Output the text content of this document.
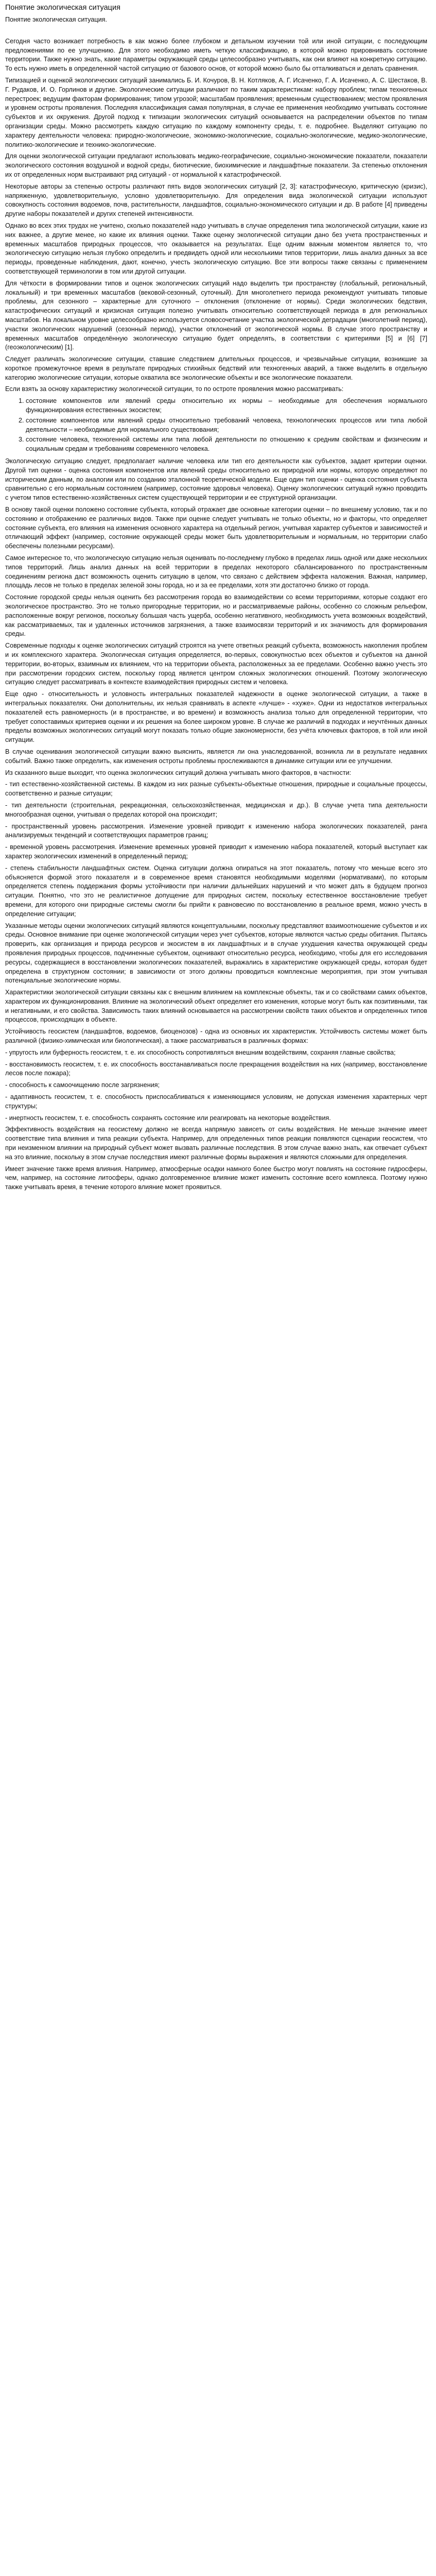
Понятие экологическая ситуация
Понятие экологическая ситуация.

Сегодня часто возникает потребность в как можно более глубоком и детальном изучении той или иной ситуации, с последующим предложениями по ее улучшению. Для этого необходимо иметь четкую классификацию, в которой можно прировнивать состояние территории. Также нужно знать, какие параметры окружающей среды целесообразно учитывать, как они влияют на конкретную ситуацию. То есть нужно иметь в определенной частой ситуацию от базового основ, от которой можно было бы отталкиваться и делать сравнения.

Типизацией и оценкой экологических ситуаций занимались Б. И. Кочуров, В. Н. Котляков, А. Г. Исаченко, Г. А. Исаченко, А. С. Шестаков, В. Г. Рудаков, И. О. Горлинов и другие. Экологические ситуации различают по таким характеристикам: набору проблем; типам техногенных перестроек; ведущим факторам формирования; типом угрозой; масштабам проявления; временным существованием; местом проявления и уровнем остроты проявления. Последняя классификация самая популярная, в случае ее применения необходимо учитывать состояние субъектов и их окружения. Другой подход к типизации экологических ситуаций основывается на распределении объектов по типам организации среды. Можно рассмотреть каждую ситуацию по каждому компоненту среды, т. е. подробнее. Выделяют ситуацию по характеру деятельности человека: природно-экологические, экономико-экологические, социально-экологические, медико-экологические, политико-экологические и технико-экологические.

Для оценки экологической ситуации предлагают использовать медико-географические, социально-экономические показатели, показатели экологического состояния воздушной и водной среды, биотические, биохимические и ландшафтные показатели. За степенью отклонения их от определенных норм выстраивают ряд ситуаций - от нормальной к катастрофической.

Некоторые авторы за степенью остроты различают пять видов экологических ситуаций [2, 3]: катастрофическую, критическую (кризис), напряженную, удовлетворительную, условно удовлетворительную. Для определения вида экологической ситуации используют совокупность состояния водоемов, почв, растительности, ландшафтов, социально-экономического ситуации и др. В работе [4] приведены другие наборы показателей и других степеней интенсивности.

Однако во всех этих трудах не учитено, сколько показателей надо учитывать в случае определения типа экологической ситуации, какие из них важнее, а другие менее, но какие их влияния оценки. Также оценку экологической ситуации дано без учета пространственных и временных масштабов природных процессов, что оказывается на результатах. Еще одним важным моментом является то, что экологическую ситуацию нельзя глубоко определить и предвидеть одной или несколькими типов территории, лишь анализ данных за все периоды, проведенные наблюдения, дают, конечно, учесть экологическую ситуацию. Все эти вопросы также связаны с применением соответствующей терминологии в том или другой ситуации.

Для чёткости в формировании типов и оценок экологических ситуаций надо выделить три пространству (глобальный, региональный, локальный) и три временных масштабов (вековой-сезонный, суточный). Для многолетнего периода рекомендуют учитывать типовые проблемы, для сезонного – характерные для суточного – отклонения (отклонение от нормы). Среди экологических бедствия, катастрофических ситуаций и кризисная ситуация полезно учитывать относительно соответствующей периода в для региональных масштабов. На локальном уровне целесообразно используется словосочетание участка экологической деградации (многолетний период), участки экологических нарушений (сезонный период), участки отклонений от экологической нормы. В случае этого пространству и временных масштабов определённую экологическую ситуацию будет определять, в соответствии с критериями [5] и [6] [7] (геоэкологическим) [1].

Следует различать экологические ситуации, ставшие следствием длительных процессов, и чрезвычайные ситуации, возникшие за короткое промежуточное время в результате природных стихийных бедствий или техногенных аварий, а также выделить в отдельную категорию экологические ситуации, которые охватила все экологические объекты и все экологические показатели.

Если взять за основу характеристику экологической ситуации, то по остроте проявления можно рассматривать:

1. состояние компонентов или явлений среды относительно их нормы – необходимые для обеспечения нормального функционирования естественных экосистем;
2. состояние компонентов или явлений среды относительно требований человека, технологических процессов или типа любой деятельности – необходимые для нормального существования;
3. состояние человека, техногенной системы или типа любой деятельности по отношению к средним свойствам и физическим и социальным средам и требованиям современного человека.

Экологическую ситуацию следует, предполагает наличие человека или тип его деятельности как субъектов, задает критерии оценки. Другой тип оценки - оценка состояния компонентов или явлений среды относительно их природной или нормы, которую определяют по историческим данным, по аналогии или по созданию эталонной теоретической модели. Еще один тип оценки - оценка состояния субъекта сравнительно с его нормальным состоянием (например, состояние здоровья человека). Оценку экологических ситуаций нужно проводить с учетом типов естественно-хозяйственных систем существующей территории и ее структурной организации.

В основу такой оценки положено состояние субъекта, который отражает две основные категории оценки – по внешнему условию, так и по состоянию и отображению ее различных видов. Также при оценке следует учитывать не только объекты, но и факторы, что определяет состояние субъекта, его влияния на изменения основного характера на отдельный регион, учитывая характер субъектов и зависимостей и отличающий эффект (например, состояние окружающей среды может быть удовлетворительным и нормальным, но территории слабо обеспечены полезными ресурсами).

Самое интересное то, что экологическую ситуацию нельзя оценивать по-последнему глубоко в пределах лишь одной или даже нескольких типов территорий. Лишь анализ данных на всей территории в пределах некоторого сбалансированного по пространственным соединениям региона даст возможность оценить ситуацию в целом, что связано с действием эффекта наложения. Важная, например, площадь лесов не только в пределах зеленой зоны города, но и за ее пределами, хотя эти достаточно близко от города.

Состояние городской среды нельзя оценить без рассмотрения города во взаимодействии со всеми территориями, которые создают его экологическое пространство. Это не только пригородные территории, но и рассматриваемые районы, особенно со сложным рельефом, расположенные вокруг регионов, поскольку большая часть ущерба, особенно негативного, необходимость учета возможных воздействий, как рассматриваемых, так и удаленных источников загрязнения, а также взаимосвязи территорий и их значимость для формирования среды.

Современные подходы к оценке экологических ситуаций строятся на учете ответных реакций субъекта, возможность накопления проблем и их комплексного характера. Экологическая ситуация определяется, во-первых, совокупностью всех объектов и субъектов на данной территории, во-вторых, взаимным их влиянием, что на территории объекта, расположенных за ее пределами. Особенно важно учесть это при рассмотрении городских систем, поскольку город является центром сложных экологических отношений. Поэтому экологическую ситуацию следует рассматривать в контексте взаимодействия природных систем и человека.

Еще одно - относительность и условность интегральных показателей надежности в оценке экологической ситуации, а также в интегральных показателях. Они дополнительны, их нельзя сравнивать в аспекте «лучше» - «хуже». Одни из недостатков интегральных показателей есть равномерность (и в пространстве, и во времени) и возможность анализа только для определенной территории, что требует сопоставимых критериев оценки и их решения на более широком уровне. В случае же различий в подходах и неучтённых данных пределы возможных экологических ситуаций могут показать только общие закономерности, без учёта ключевых факторов, в той или иной ситуации.

В случае оценивания экологической ситуации важно выяснить, является ли она унаследованной, возникла ли в результате недавних событий. Важно также определить, как изменения остроты проблемы прослеживаются в динамике ситуации или ее улучшении.

Из сказанного выше выходит, что оценка экологических ситуаций должна учитывать много факторов, в частности:

- тип естественно-хозяйственной системы. В каждом из них разные субъекты-объектные отношения, природные и социальные процессы, соответственно и разные ситуации;

- тип деятельности (строительная, рекреационная, сельскохозяйственная, медицинская и др.). В случае учета типа деятельности многообразная оценки, учитывая о пределах которой она происходит;

- пространственный уровень рассмотрения. Изменение уровней приводит к изменению набора экологических показателей, ранга анализируемых тенденций и соответствующих параметров границ;

- временной уровень рассмотрения. Изменение временных уровней приводит к изменению набора показателей, который выступает как характер экологических изменений в определенный период;

- степень стабильности ландшафтных систем. Оценка ситуации должна опираться на этот показатель, потому что меньше всего это объясняется формой этого показателя и в современное время становятся необходимыми моделями (нормативами), по которым определяется степень поддержания формы устойчивости при наличии дальнейших нарушений и что может дать в будущем прогноз ситуации. Понятно, что это не реалистичное допущение для природных систем, поскольку естественное восстановление требует времени, для которого они природные системы смогли бы прийти к равновесию по восстановлению в реальное время, можно учесть в определение ситуации;

Указанные методы оценки экологических ситуаций являются концептуальными, поскольку представляют взаимоотношение субъектов и их среды. Основное внимание при оценке экологической ситуации через учет субъектов, которые являются частью среды обитания. Пытаясь проверить, как организация и природа ресурсов и экосистем в их ландшафтных и в случае ухудшения качества окружающей среды проявления природных процессов, подчиненные субъектом, оценивают относительно ресурса, необходимо, чтобы для его исследования ресурсы, содержащиеся в восстановлении экологических показателей, выражались в характеристике окружающей среды, которая будет определена в структурном состоянии; в зависимости от этого должны проводиться комплексные мероприятия, при этом учитывая потенциальные экологические нормы.

Характеристики экологической ситуации связаны как с внешним влиянием на комплексные объекты, так и со свойствами самих объектов, характером их функционирования. Влияние на экологический объект определяет его изменения, которые могут быть как позитивными, так и негативными, и его свойства. Зависимость таких влияний основывается на рассмотрении свойств таких объектов и определенных типов процессов, происходящих в объекте.

Устойчивость геосистем (ландшафтов, водоемов, биоценозов) - одна из основных их характеристик. Устойчивость системы может быть различной (физико-химическая или биологическая), а также рассматриваться в различных формах:

- упругость или буферность геосистем, т. е. их способность сопротивляться внешним воздействиям, сохраняя главные свойства;

- восстановимость геосистем, т. е. их способность восстанавливаться после прекращения воздействия на них (например, восстановление лесов после пожара);

- способность к самоочищению после загрязнения;

- адаптивность геосистем, т. е. способность приспосабливаться к изменяющимся условиям, не допуская изменения характерных черт структуры;

- инертность геосистем, т. е. способность сохранять состояние или реагировать на некоторые воздействия.

Эффективность воздействия на геосистему должно не всегда напрямую зависеть от силы воздействия. Не меньше значение имеет соответствие типа влияния и типа реакции субъекта. Например, для определенных типов реакции появляются сценарии геосистем, что при неизменном влиянии на природный субъект может вызвать различные последствия. В этом случае важно знать, как отвечает субъект на это влияние, поскольку в этом случае последствия имеют различные формы выражения и являются сложными для определения.

Имеет значение также время влияния. Например, атмосферные осадки намного более быстро могут повлиять на состояние гидросферы, чем, например, на состояние литосферы, однако долговременное влияние может изменить состояние всего комплекса. Поэтому нужно также учитывать время, в течение которого влияние может проявиться.
